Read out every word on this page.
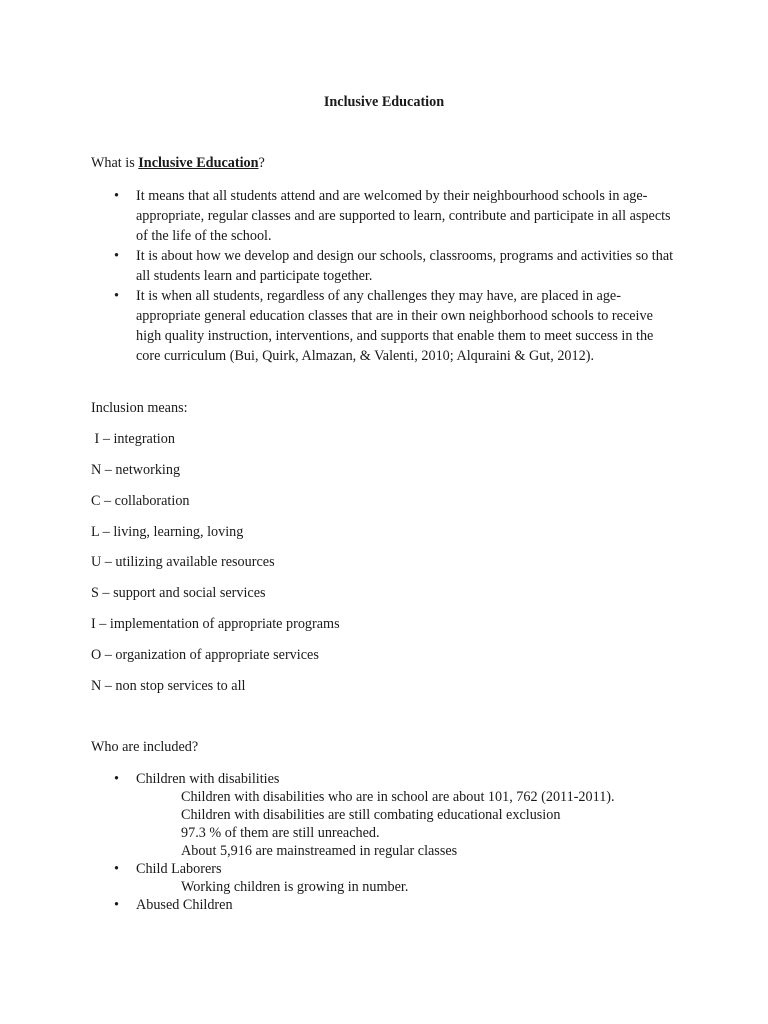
Inclusive Education
What is Inclusive Education?
• It means that all students attend and are welcomed by their neighbourhood schools in age-appropriate, regular classes and are supported to learn, contribute and participate in all aspects of the life of the school.
• It is about how we develop and design our schools, classrooms, programs and activities so that all students learn and participate together.
• It is when all students, regardless of any challenges they may have, are placed in age-appropriate general education classes that are in their own neighborhood schools to receive high quality instruction, interventions, and supports that enable them to meet success in the core curriculum (Bui, Quirk, Almazan, & Valenti, 2010; Alquraini & Gut, 2012).
Inclusion means:
I – integration
N – networking
C – collaboration
L – living, learning, loving
U – utilizing available resources
S – support and social services
I – implementation of appropriate programs
O – organization of appropriate services
N – non stop services to all
Who are included?
• Children with disabilities
Children with disabilities who are in school are about 101, 762 (2011-2011).
Children with disabilities are still combating educational exclusion
97.3 % of them are still unreached.
About 5,916 are mainstreamed in regular classes
• Child Laborers
Working children is growing in number.
• Abused Children
